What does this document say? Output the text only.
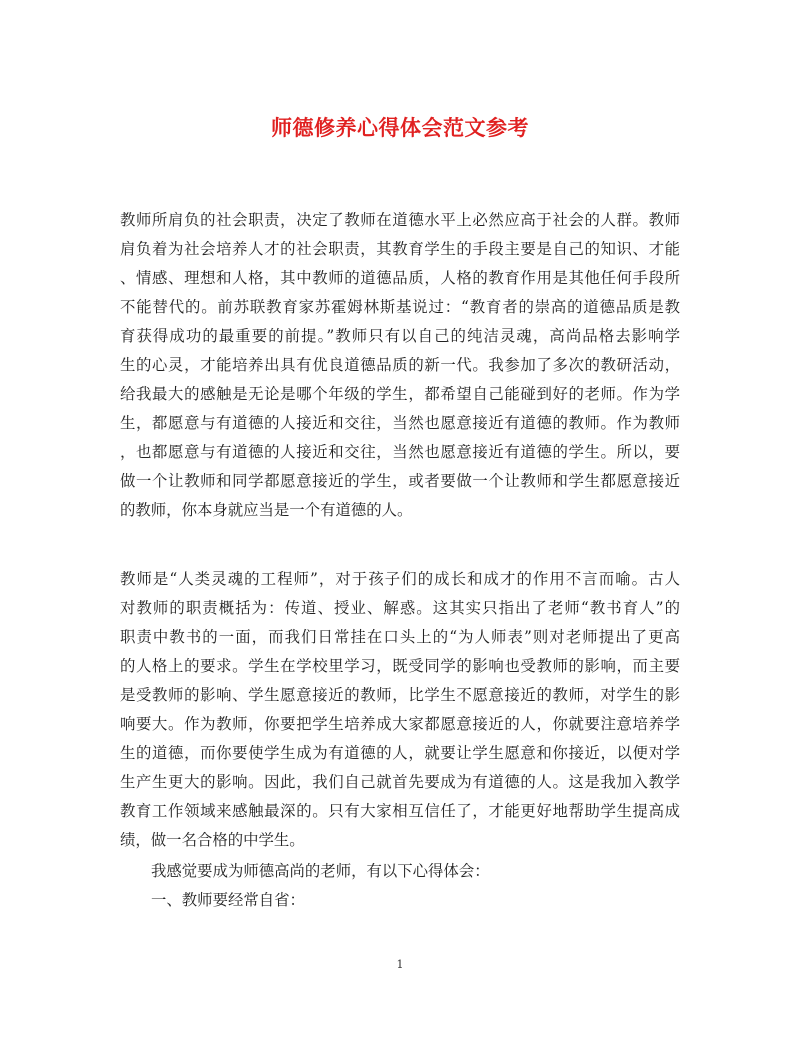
师德修养心得体会范文参考
教师所肩负的社会职责，决定了教师在道德水平上必然应高于社会的人群。教师
肩负着为社会培养人才的社会职责，其教育学生的手段主要是自己的知识、才能
、情感、理想和人格，其中教师的道德品质，人格的教育作用是其他任何手段所
不能替代的。前苏联教育家苏霍姆林斯基说过：“教育者的崇高的道德品质是教
育获得成功的最重要的前提。”教师只有以自己的纯洁灵魂，高尚品格去影响学
生的心灵，才能培养出具有优良道德品质的新一代。我参加了多次的教研活动，
给我最大的感触是无论是哪个年级的学生，都希望自己能碰到好的老师。作为学
生，都愿意与有道德的人接近和交往，当然也愿意接近有道德的教师。作为教师
，也都愿意与有道德的人接近和交往，当然也愿意接近有道德的学生。所以，要
做一个让教师和同学都愿意接近的学生，或者要做一个让教师和学生都愿意接近
的教师，你本身就应当是一个有道德的人。
教师是“人类灵魂的工程师”，对于孩子们的成长和成才的作用不言而喻。古人
对教师的职责概括为：传道、授业、解惑。这其实只指出了老师“教书育人”的
职责中教书的一面，而我们日常挂在口头上的“为人师表”则对老师提出了更高
的人格上的要求。学生在学校里学习，既受同学的影响也受教师的影响，而主要
是受教师的影响、学生愿意接近的教师，比学生不愿意接近的教师，对学生的影
响要大。作为教师，你要把学生培养成大家都愿意接近的人，你就要注意培养学
生的道德，而你要使学生成为有道德的人，就要让学生愿意和你接近，以便对学
生产生更大的影响。因此，我们自己就首先要成为有道德的人。这是我加入教学
教育工作领域来感触最深的。只有大家相互信任了，才能更好地帮助学生提高成
绩，做一名合格的中学生。
我感觉要成为师德高尚的老师，有以下心得体会：
一、教师要经常自省：
1
